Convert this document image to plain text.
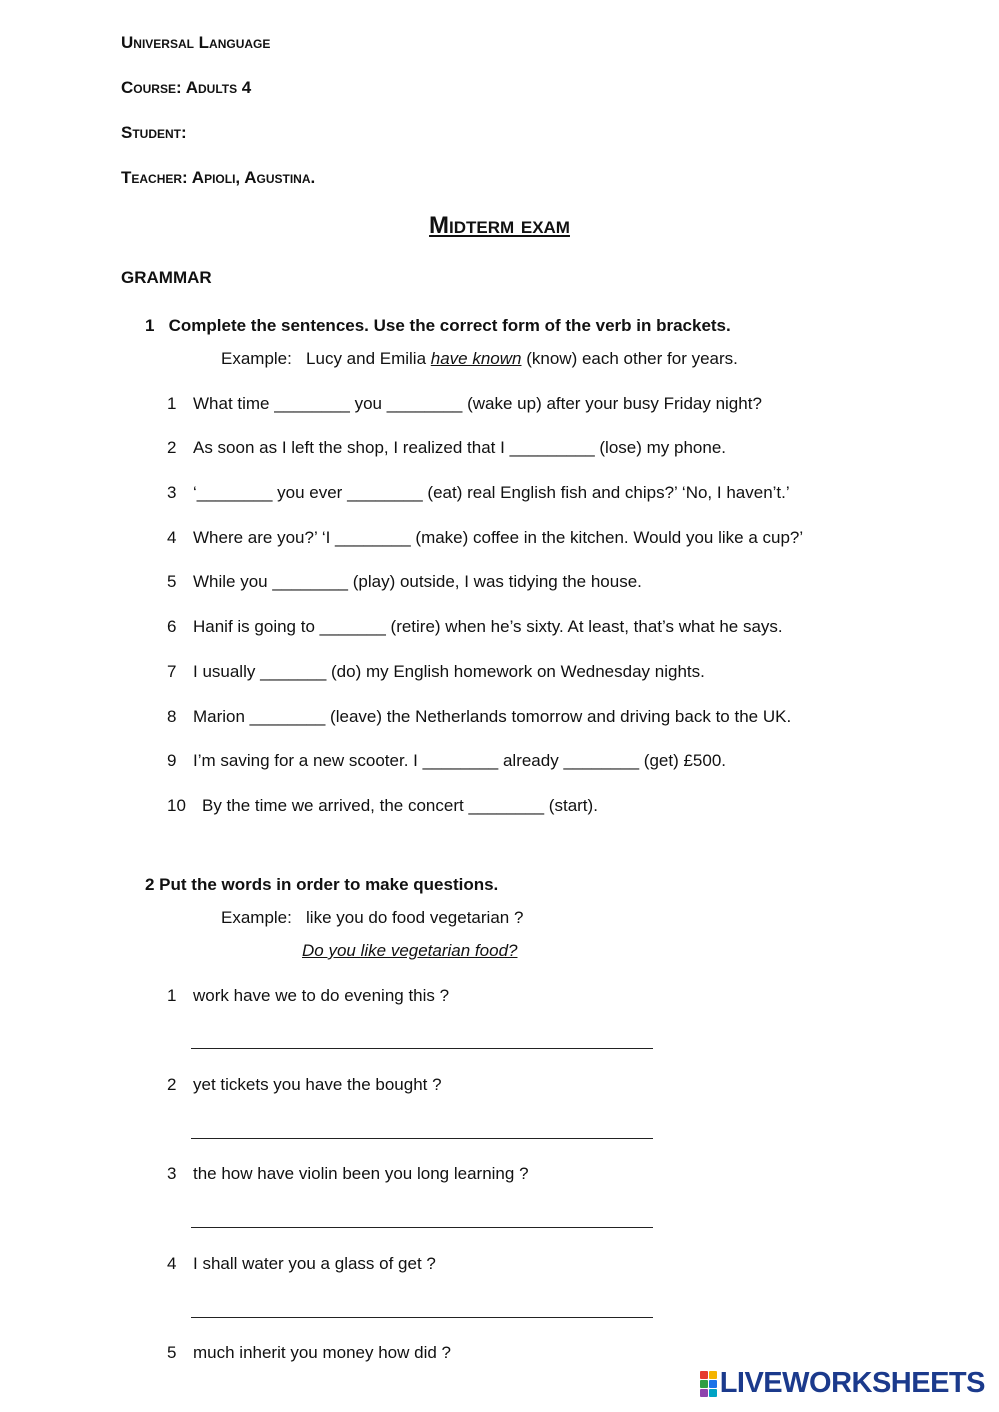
Universal Language
Course: Adults 4
Student:
Teacher: Apioli, Agustina.
Midterm exam
GRAMMAR
1   Complete the sentences. Use the correct form of the verb in brackets.
Example:   Lucy and Emilia have known (know) each other for years.
1 What time ________ you ________ (wake up) after your busy Friday night?
2 As soon as I left the shop, I realized that I _________ (lose) my phone.
3 ‘________ you ever ________ (eat) real English fish and chips?’ ‘No, I haven’t.’
4 Where are you?’ ‘I ________ (make) coffee in the kitchen. Would you like a cup?’
5 While you ________ (play) outside, I was tidying the house.
6 Hanif is going to _______ (retire) when he’s sixty. At least, that’s what he says.
7 I usually _______ (do) my English homework on Wednesday nights.
8 Marion ________ (leave) the Netherlands tomorrow and driving back to the UK.
9 I’m saving for a new scooter. I ________ already ________ (get) £500.
10 By the time we arrived, the concert ________ (start).
2 Put the words in order to make questions.
Example:   like you do food vegetarian ?
Do you like vegetarian food?
1 work have we to do evening this ?
2 yet tickets you have the bought ?
3 the how have violin been you long learning ?
4 I shall water you a glass of get ?
5 much inherit you money how did ?
LIVEWORKSHEETS
